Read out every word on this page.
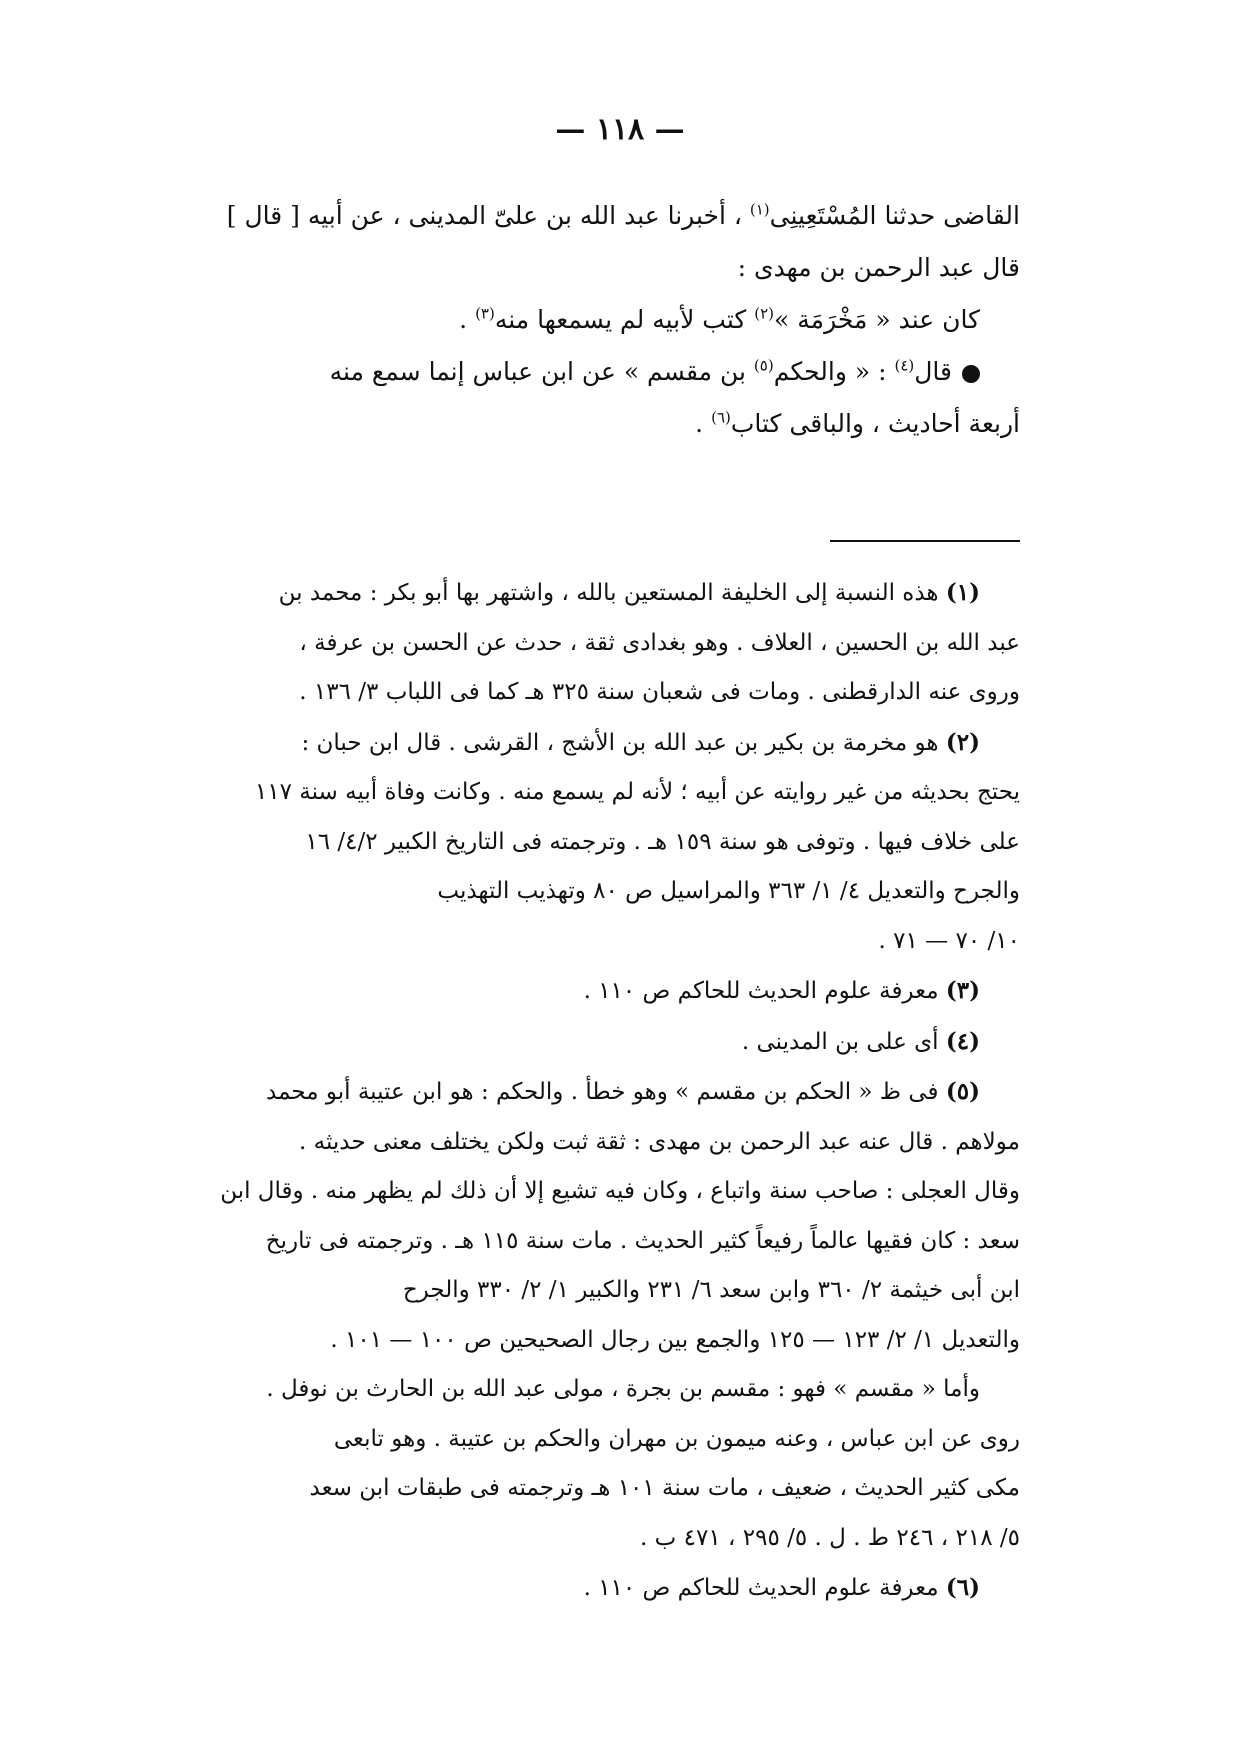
— ١١٨ —

القاضى حدثنا المُسْتَعِينِى$^{(١)}$ ، أخبرنا عبد الله بن علىّ المدينى ، عن أبيه [ قال ]

قال عبد الرحمن بن مهدى :

كان عند « مَخْرَمَة »$^{(٢)}$ كتب لأبيه لم يسمعها منه$^{(٣)}$ .

قال$^{(٤)}$ : « والحكم$^{(٥)}$ بن مقسم » عن ابن عباس إنما سمع منه

أربعة أحاديث ، والباقى كتاب$^{(٦)}$ .

(١) هذه النسبة إلى الخليفة المستعين بالله ، واشتهر بها أبو بكر : محمد بن

عبد الله بن الحسين ، العلاف . وهو بغدادى ثقة ، حدث عن الحسن بن عرفة ،

وروى عنه الدارقطنى . ومات فى شعبان سنة ٣٢٥ هـ كما فى اللباب ٣/ ١٣٦ .

(٢) هو مخرمة بن بكير بن عبد الله بن الأشج ، القرشى . قال ابن حبان :

يحتج بحديثه من غير روايته عن أبيه ؛ لأنه لم يسمع منه . وكانت وفاة أبيه سنة ١١٧

على خلاف فيها . وتوفى هو سنة ١٥٩ هـ . وترجمته فى التاريخ الكبير ٤/٢/ ١٦

والجرح والتعديل ٤/ ١/ ٣٦٣ والمراسيل ص ٨٠ وتهذيب التهذيب

١٠/ ٧٠ — ٧١ .

(٣) معرفة علوم الحديث للحاكم ص ١١٠ .

(٤) أى على بن المدينى .

(٥) فى ظ « الحكم بن مقسم » وهو خطأ . والحكم : هو ابن عتيبة أبو محمد

مولاهم . قال عنه عبد الرحمن بن مهدى : ثقة ثبت ولكن يختلف معنى حديثه .

وقال العجلى : صاحب سنة واتباع ، وكان فيه تشيع إلا أن ذلك لم يظهر منه . وقال ابن

سعد : كان فقيها عالماً رفيعاً كثير الحديث . مات سنة ١١٥ هـ . وترجمته فى تاريخ

ابن أبى خيثمة ٢/ ٣٦٠ وابن سعد ٦/ ٢٣١ والكبير ١/ ٢/ ٣٣٠ والجرح

والتعديل ١/ ٢/ ١٢٣ — ١٢٥ والجمع بين رجال الصحيحين ص ١٠٠ — ١٠١ .

وأما « مقسم » فهو : مقسم بن بجرة ، مولى عبد الله بن الحارث بن نوفل .

روى عن ابن عباس ، وعنه ميمون بن مهران والحكم بن عتيبة . وهو تابعى

مكى كثير الحديث ، ضعيف ، مات سنة ١٠١ هـ وترجمته فى طبقات ابن سعد

٥/ ٢١٨ ، ٢٤٦ ط . ل . ٥/ ٢٩٥ ، ٤٧١ ب .

(٦) معرفة علوم الحديث للحاكم ص ١١٠ .
